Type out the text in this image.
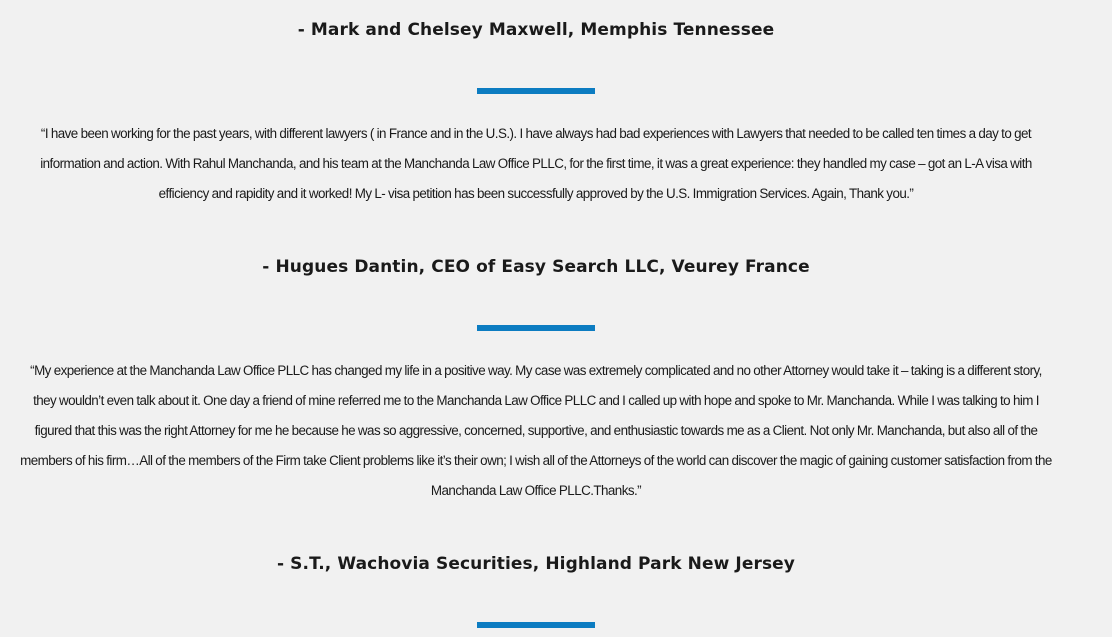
- Mark and Chelsey Maxwell, Memphis Tennessee

“I have been working for the past years, with different lawyers ( in France and in the U.S.). I have always had bad experiences with Lawyers that needed to be called ten times a day to get information and action. With Rahul Manchanda, and his team at the Manchanda Law Office PLLC, for the first time, it was a great experience: they handled my case – got an L-A visa with efficiency and rapidity and it worked! My L- visa petition has been successfully approved by the U.S. Immigration Services. Again, Thank you.”

- Hugues Dantin, CEO of Easy Search LLC, Veurey France

“My experience at the Manchanda Law Office PLLC has changed my life in a positive way. My case was extremely complicated and no other Attorney would take it – taking is a different story, they wouldn’t even talk about it. One day a friend of mine referred me to the Manchanda Law Office PLLC and I called up with hope and spoke to Mr. Manchanda. While I was talking to him I figured that this was the right Attorney for me he because he was so aggressive, concerned, supportive, and enthusiastic towards me as a Client. Not only Mr. Manchanda, but also all of the members of his firm…All of the members of the Firm take Client problems like it’s their own; I wish all of the Attorneys of the world can discover the magic of gaining customer satisfaction from the Manchanda Law Office PLLC.Thanks.”

- S.T., Wachovia Securities, Highland Park New Jersey
